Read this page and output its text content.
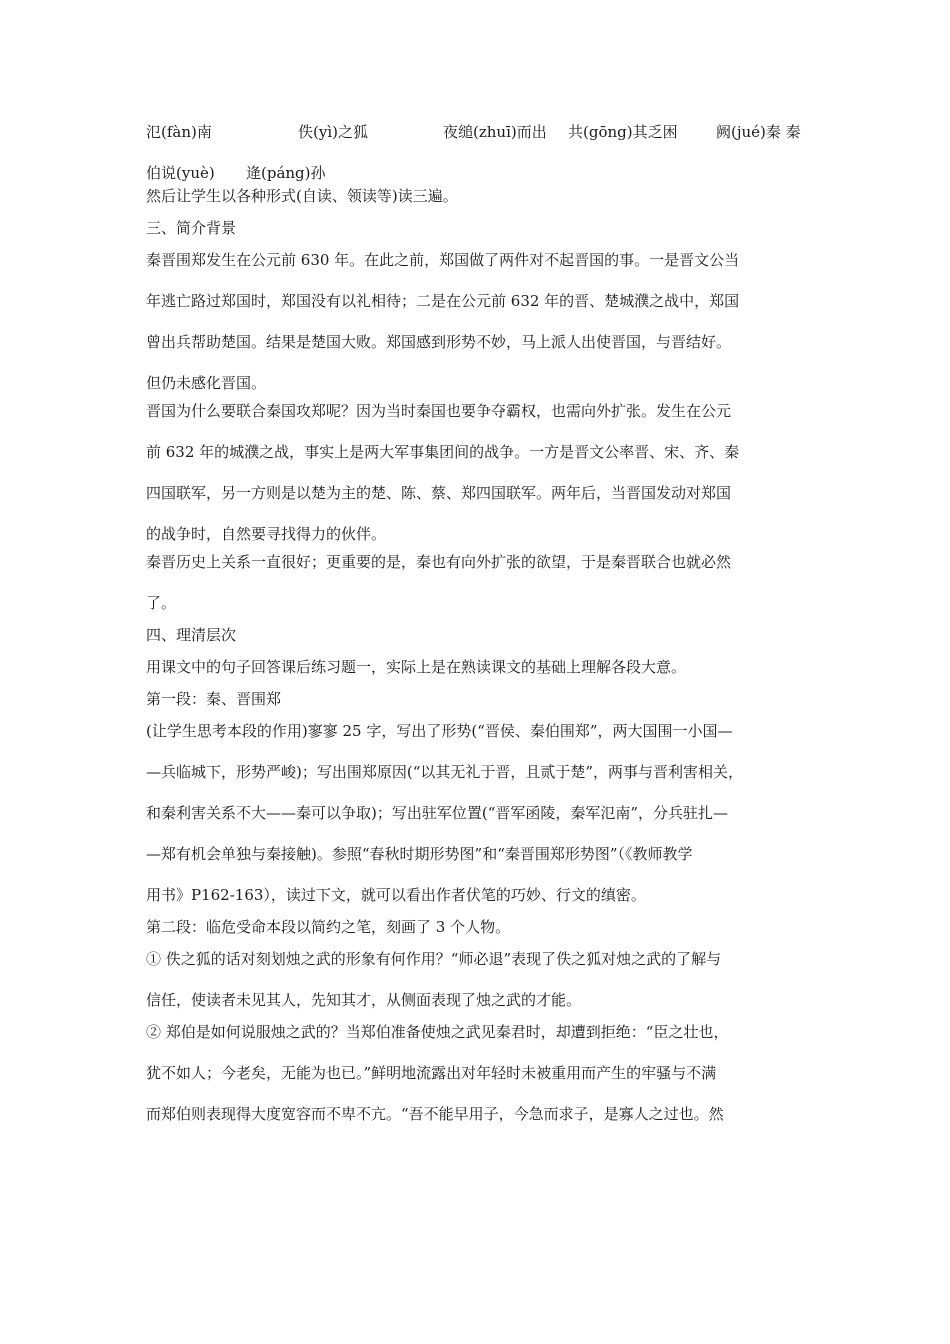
氾(fàn)南	佚(yì)之狐	夜缒(zhuī)而出 共(gōng)其乏困	阙(jué)秦 秦
伯说(yuè) 逄(páng)孙
然后让学生以各种形式(自读、领读等)读三遍。
三、简介背景
秦晋围郑发生在公元前 630 年。在此之前，郑国做了两件对不起晋国的事。一是晋文公当
年逃亡路过郑国时，郑国没有以礼相待；二是在公元前 632 年的晋、楚城濮之战中，郑国
曾出兵帮助楚国。结果是楚国大败。郑国感到形势不妙，马上派人出使晋国，与晋结好。
但仍未感化晋国。
晋国为什么要联合秦国攻郑呢？因为当时秦国也要争夺霸权，也需向外扩张。发生在公元
前 632 年的城濮之战，事实上是两大军事集团间的战争。一方是晋文公率晋、宋、齐、秦
四国联军，另一方则是以楚为主的楚、陈、蔡、郑四国联军。两年后，当晋国发动对郑国
的战争时，自然要寻找得力的伙伴。
秦晋历史上关系一直很好；更重要的是，秦也有向外扩张的欲望，于是秦晋联合也就必然
了。
四、理清层次
用课文中的句子回答课后练习题一，实际上是在熟读课文的基础上理解各段大意。
第一段：秦、晋围郑
(让学生思考本段的作用)寥寥 25 字，写出了形势(“晋侯、秦伯围郑”，两大国围一小国—
—兵临城下，形势严峻)；写出围郑原因(“以其无礼于晋，且贰于楚”，两事与晋利害相关，
和秦利害关系不大——秦可以争取)；写出驻军位置(“晋军函陵，秦军氾南”，分兵驻扎—
—郑有机会单独与秦接触)。参照“春秋时期形势图”和“秦晋围郑形势图”（《教师教学
用书》P162-163），读过下文，就可以看出作者伏笔的巧妙、行文的缜密。
第二段：临危受命本段以简约之笔，刻画了 3 个人物。
① 佚之狐的话对刻划烛之武的形象有何作用？“师必退”表现了佚之狐对烛之武的了解与
信任，使读者未见其人，先知其才，从侧面表现了烛之武的才能。
② 郑伯是如何说服烛之武的？当郑伯准备使烛之武见秦君时，却遭到拒绝：“臣之壮也，
犹不如人；今老矣，无能为也已。”鲜明地流露出对年轻时未被重用而产生的牢骚与不满
而郑伯则表现得大度宽容而不卑不亢。“吾不能早用子，今急而求子，是寡人之过也。然
